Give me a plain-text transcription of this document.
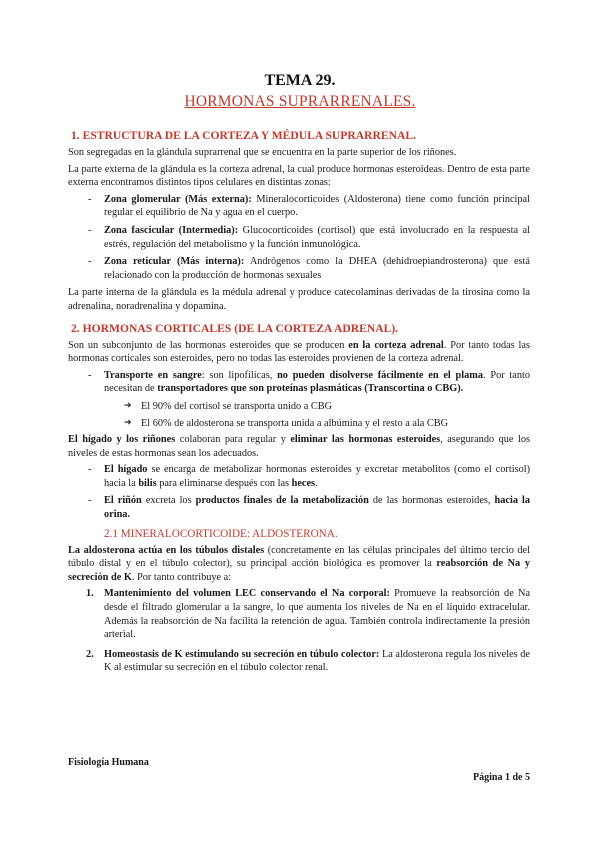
TEMA 29.
HORMONAS SUPRARRENALES.
1. ESTRUCTURA DE LA CORTEZA Y MÉDULA SUPRARRENAL.

Son segregadas en la glándula suprarrenal que se encuentra en la parte superior de los riñones.

La parte externa de la glándula es la corteza adrenal, la cual produce hormonas esteroideas. Dentro de esta parte externa encontramos distintos tipos celulares en distintas zonas:

- Zona glomerular (Más externa): Mineralocorticoides (Aldosterona) tiene como función principal regular el equilibrio de Na y agua en el cuerpo.
- Zona fascicular (Intermedia): Glucocorticoides (cortisol) que está involucrado en la respuesta al estrés, regulación del metabolismo y la función inmunológica.
- Zona reticular (Más interna): Andrógenos como la DHEA (dehidroepiandrosterona) que está relacionado con la producción de hormonas sexuales

La parte interna de la glándula es la médula adrenal y produce catecolaminas derivadas de la tirosina como la adrenalina, noradrenalina y dopamina.

2. HORMONAS CORTICALES (DE LA CORTEZA ADRENAL).

Son un subconjunto de las hormonas esteroides que se producen en la corteza adrenal. Por tanto todas las hormonas corticales son esteroides, pero no todas las esteroides provienen de la corteza adrenal.

- Transporte en sangre: son lipofílicas, no pueden disolverse fácilmente en el plama. Por tanto necesitan de transportadores que son proteínas plasmáticas (Transcortina o CBG).
➔ El 90% del cortisol se transporta unido a CBG
➔ El 60% de aldosterona se transporta unida a albúmina y el resto a ala CBG

El hígado y los riñones colaboran para regular y eliminar las hormonas esteroides, asegurando que los niveles de estas hormonas sean los adecuados.

- El hígado se encarga de metabolizar hormonas esteroides y excretar metabolitos (como el cortisol) hacia la bilis para eliminarse después con las heces.
- El riñón excreta los productos finales de la metabolización de las hormonas esteroides, hacia la orina.
2.1 MINERALOCORTICOIDE: ALDOSTERONA.

La aldosterona actúa en los túbulos distales (concretamente en las células principales del último tercio del túbulo distal y en el túbulo colector), su principal acción biológica es promover la reabsorción de Na y secreción de K. Por tanto contribuye a:

1. Mantenimiento del volumen LEC conservando el Na corporal: Promueve la reabsorción de Na desde el filtrado glomerular a la sangre, lo que aumenta los niveles de Na en el líquido extracelular. Además la reabsorción de Na facilita la retención de agua. También controla indirectamente la presión arterial.
2. Homeostasis de K estimulando su secreción en túbulo colector: La aldosterona regula los niveles de K al estimular su secreción en el túbulo colector renal.
Fisiología Humana
Página 1 de 5
